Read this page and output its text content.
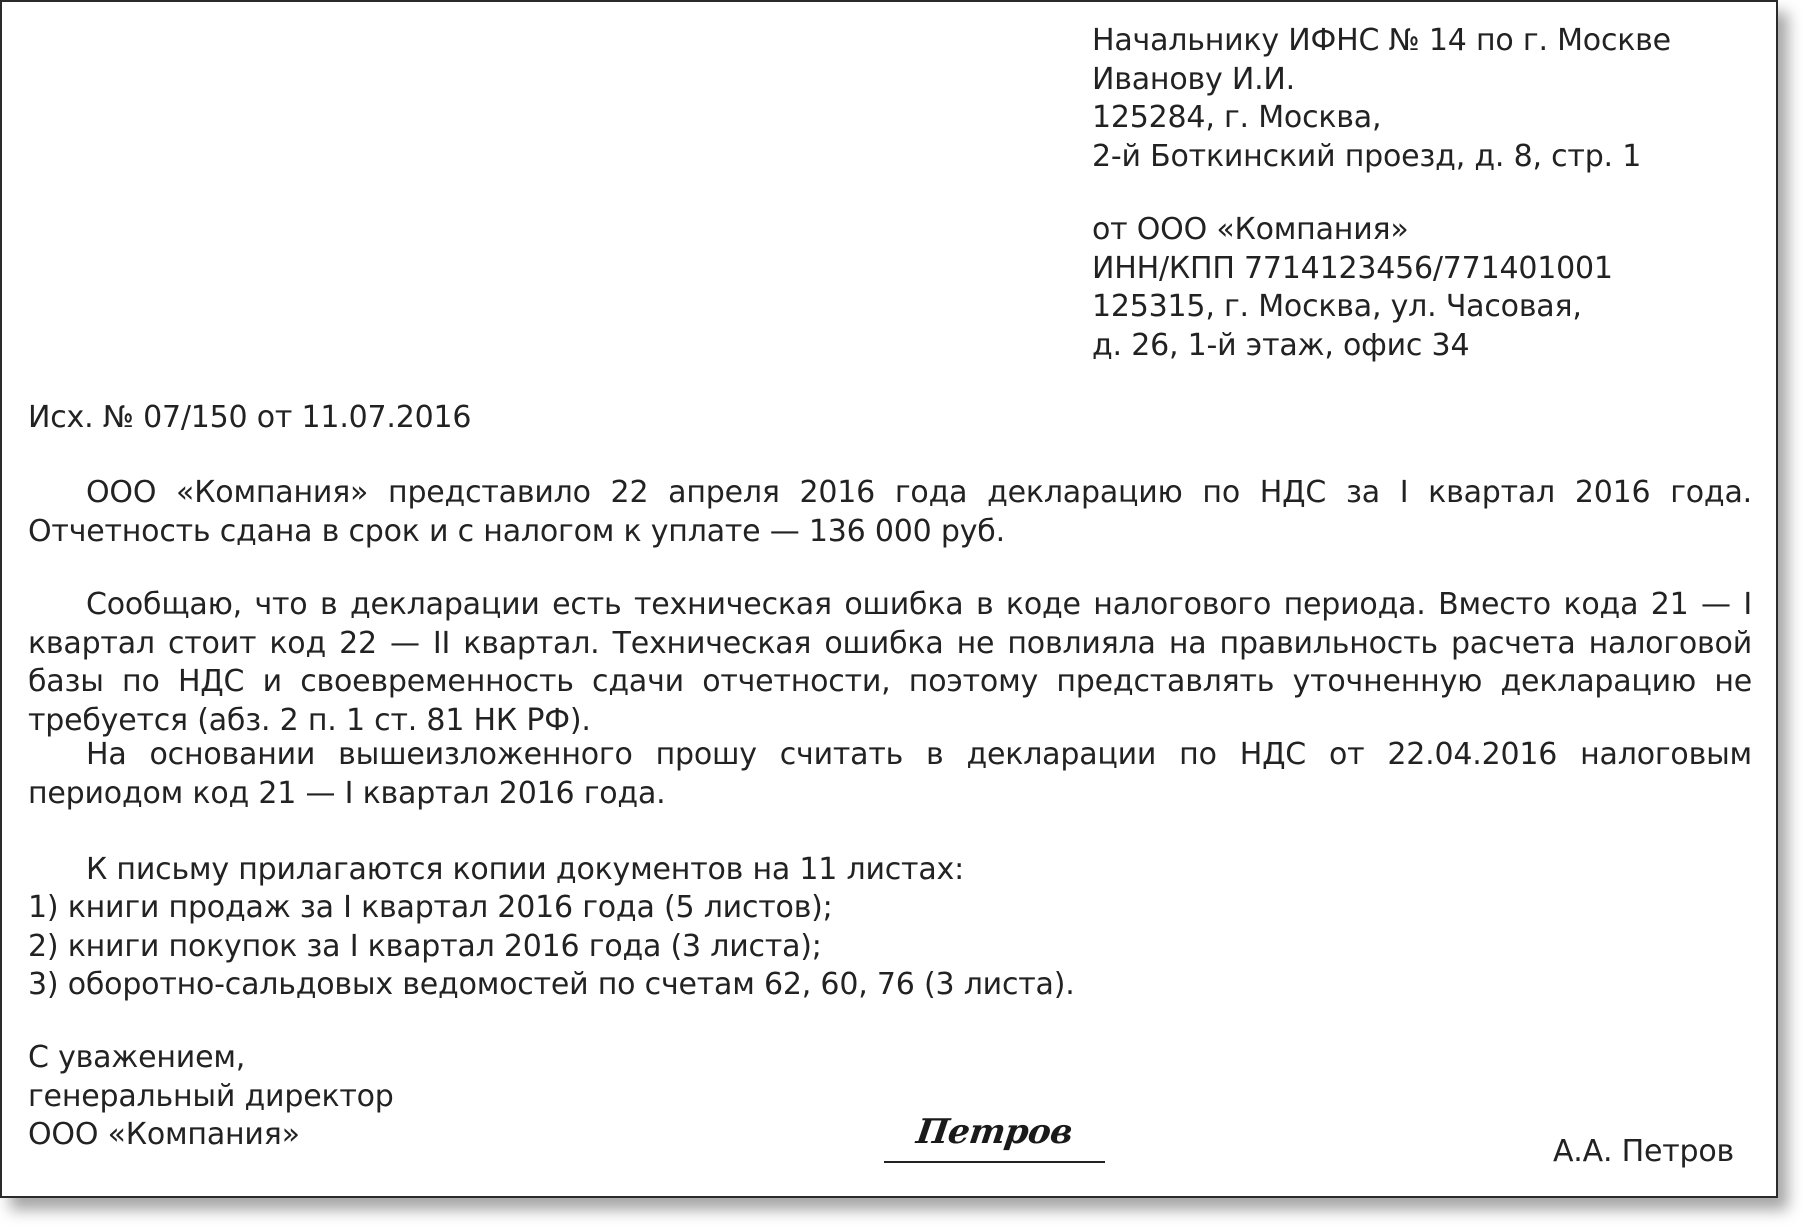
Начальнику ИФНС № 14 по г. Москве
Иванову И.И.
125284, г. Москва,
2-й Боткинский проезд, д. 8, стр. 1
от ООО «Компания»
ИНН/КПП 7714123456/771401001
125315, г. Москва, ул. Часовая,
д. 26, 1-й этаж, офис 34
Исх. № 07/150 от 11.07.2016

ООО «Компания» представило 22 апреля 2016 года декларацию по НДС за I квартал 2016 года. Отчетность сдана в срок и с налогом к уплате — 136 000 руб.

Сообщаю, что в декларации есть техническая ошибка в коде налогового периода. Вместо кода 21 — I квартал стоит код 22 — II квартал. Техническая ошибка не повлияла на правильность расчета налоговой базы по НДС и своевременность сдачи отчетности, поэтому представлять уточненную декларацию не требуется (абз. 2 п. 1 ст. 81 НК РФ).

На основании вышеизложенного прошу считать в декларации по НДС от 22.04.2016 налоговым периодом код 21 — I квартал 2016 года.

К письму прилагаются копии документов на 11 листах:

1) книги продаж за I квартал 2016 года (5 листов);
2) книги покупок за I квартал 2016 года (3 листа);
3) оборотно-сальдовых ведомостей по счетам 62, 60, 76 (3 листа).
С уважением,
генеральный директор
ООО «Компания»	Петров	А.А. Петров
